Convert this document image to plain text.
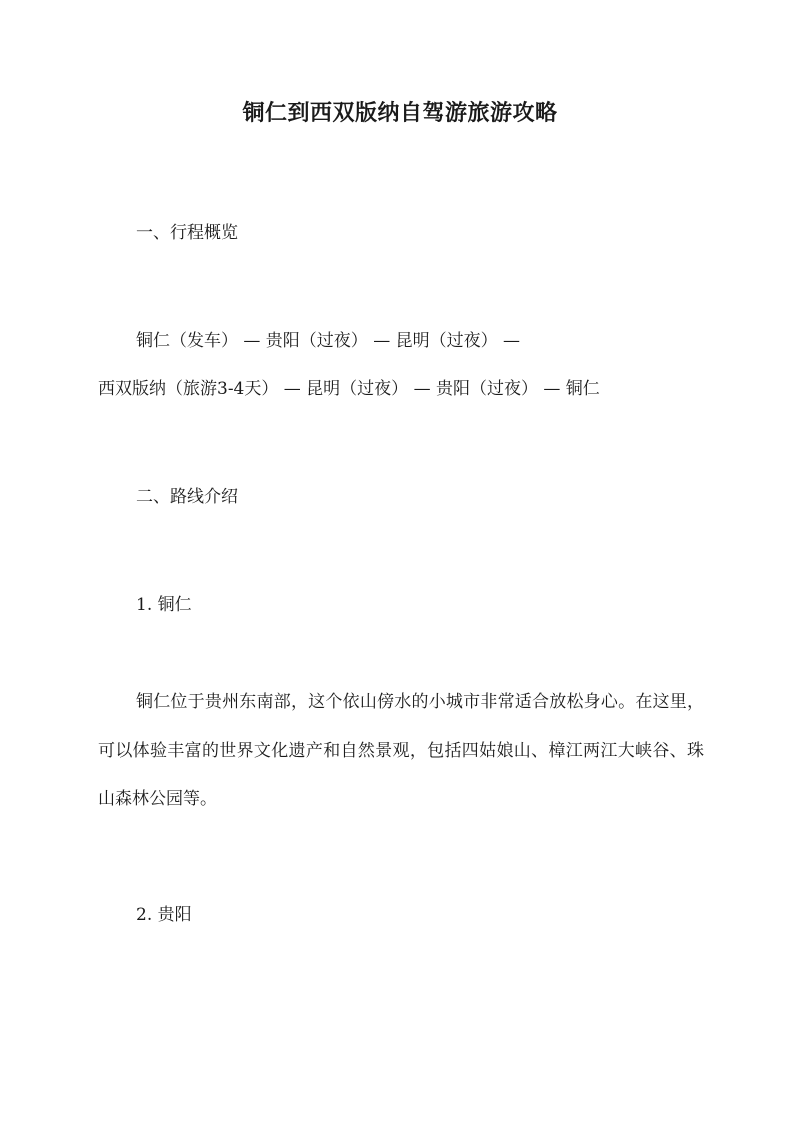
铜仁到西双版纳自驾游旅游攻略
一、行程概览
铜仁（发车） — 贵阳（过夜） — 昆明（过夜） —
西双版纳（旅游3-4天） — 昆明（过夜） — 贵阳（过夜） — 铜仁
二、路线介绍
1. 铜仁
铜仁位于贵州东南部，这个依山傍水的小城市非常适合放松身心。在这里，可以体验丰富的世界文化遗产和自然景观，包括四姑娘山、樟江两江大峡谷、珠山森林公园等。
2. 贵阳
